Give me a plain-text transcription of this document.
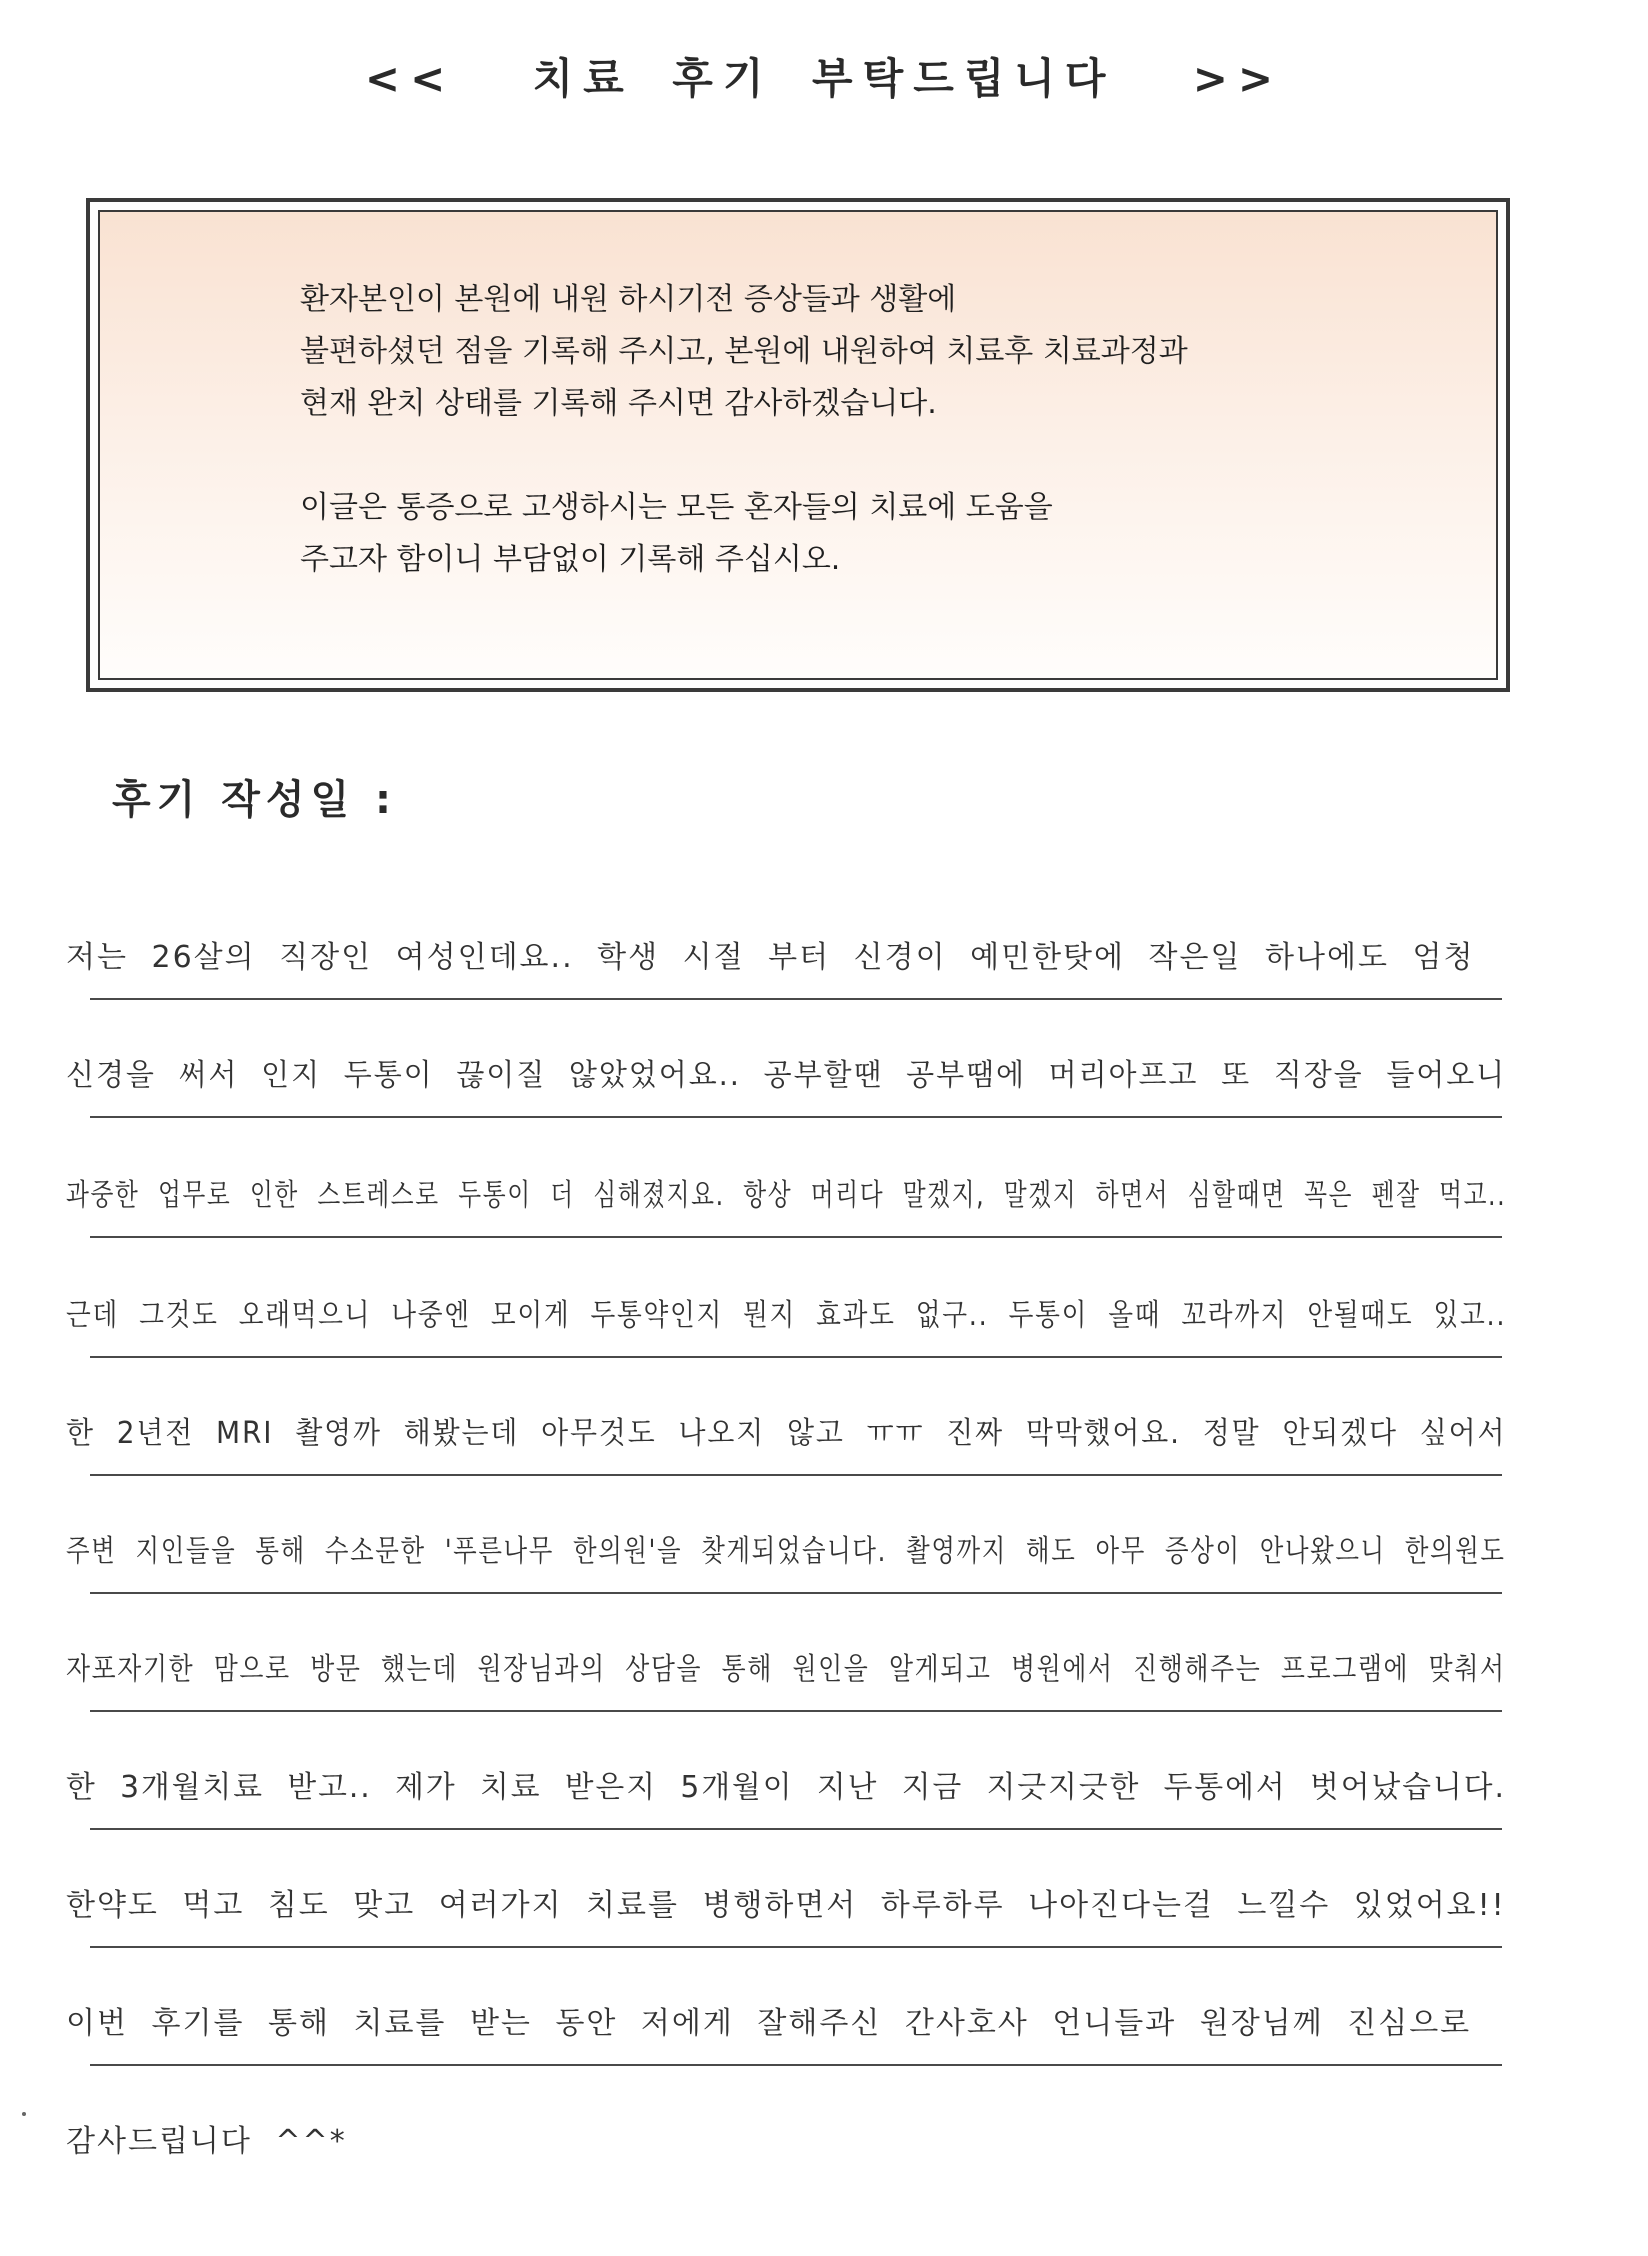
<<  치료 후기 부탁드립니다  >>
환자본인이 본원에 내원 하시기전 증상들과 생활에
불편하셨던 점을 기록해 주시고, 본원에 내원하여 치료후 치료과정과
현재 완치 상태를 기록해 주시면 감사하겠습니다.
이글은 통증으로 고생하시는 모든 혼자들의 치료에 도움을
주고자 함이니 부담없이 기록해 주십시오.
후기 작성일 :
저는 26살의 직장인 여성인데요.. 학생 시절 부터 신경이 예민한탓에 작은일 하나에도 엄청
신경을 써서 인지 두통이 끊이질 않았었어요.. 공부할땐 공부땜에 머리아프고 또 직장을 들어오니
과중한 업무로 인한 스트레스로 두통이 더 심해졌지요. 항상 머리다 말겠지, 말겠지 하면서 심할때면 꼭은 펜잘 먹고..
근데 그것도 오래먹으니 나중엔 모이게 두통약인지 뭔지 효과도 없구.. 두통이 올때 꼬라까지 안될때도 있고..
한 2년전 MRI 촬영까 해봤는데 아무것도 나오지 않고 ㅠㅠ 진짜 막막했어요. 정말 안되겠다 싶어서
주변 지인들을 통해 수소문한 '푸른나무 한의원'을 찾게되었습니다. 촬영까지 해도 아무 증상이 안나왔으니 한의원도
자포자기한 맘으로 방문 했는데 원장님과의 상담을 통해 원인을 알게되고 병원에서 진행해주는 프로그램에 맞춰서
한 3개월치료 받고.. 제가 치료 받은지 5개월이 지난 지금 지긋지긋한 두통에서 벗어났습니다.
한약도 먹고 침도 맞고 여러가지 치료를 병행하면서 하루하루 나아진다는걸 느낄수 있었어요!!
이번 후기를 통해 치료를 받는 동안 저에게 잘해주신 간사호사 언니들과 원장님께 진심으로
감사드립니다 ^^*
